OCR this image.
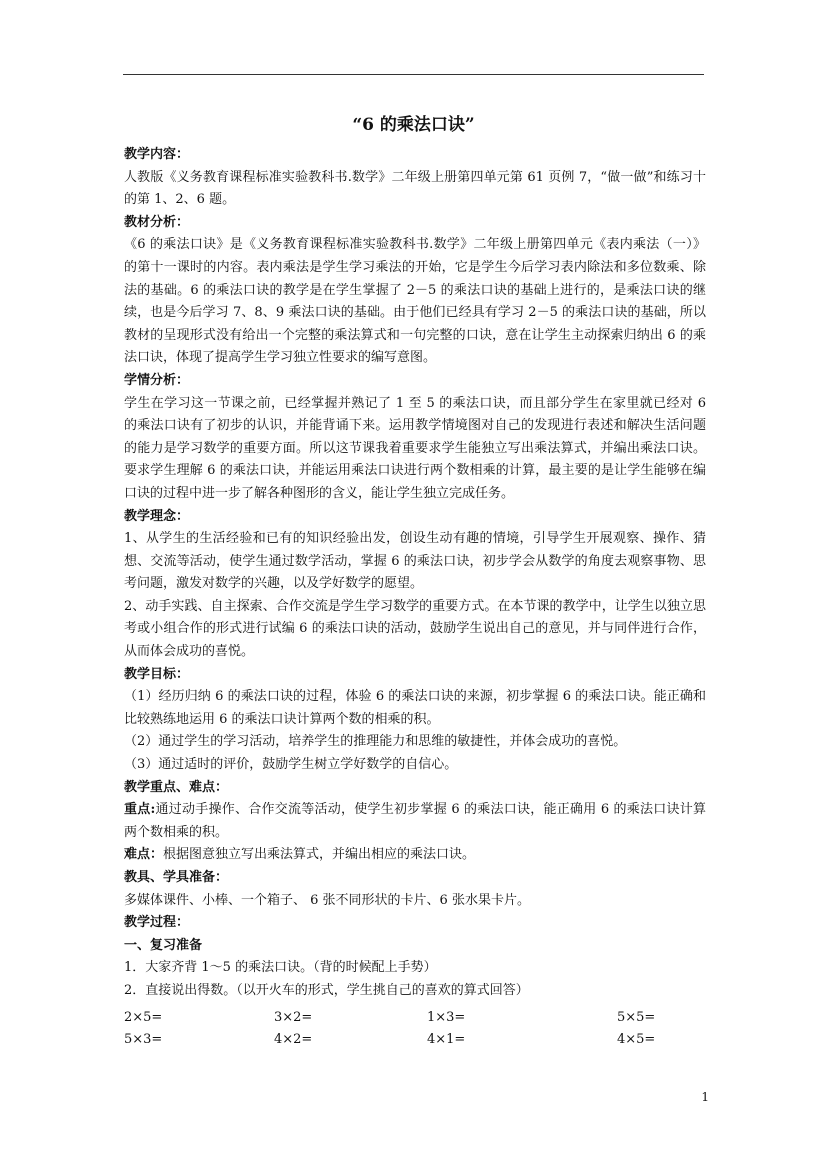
“6 的乘法口诀”

教学内容：

人教版《义务教育课程标准实验教科书.数学》二年级上册第四单元第 61 页例 7，“做一做”和练习十的第 1、2、6 题。

教材分析：

《6 的乘法口诀》是《义务教育课程标准实验教科书.数学》二年级上册第四单元《表内乘法（一）》的第十一课时的内容。表内乘法是学生学习乘法的开始，它是学生今后学习表内除法和多位数乘、除法的基础。6 的乘法口诀的教学是在学生掌握了 2－5 的乘法口诀的基础上进行的，是乘法口诀的继续，也是今后学习 7、8、9 乘法口诀的基础。由于他们已经具有学习 2－5 的乘法口诀的基础，所以教材的呈现形式没有给出一个完整的乘法算式和一句完整的口诀，意在让学生主动探索归纳出 6 的乘法口诀，体现了提高学生学习独立性要求的编写意图。

学情分析：

学生在学习这一节课之前，已经掌握并熟记了 1 至 5 的乘法口诀，而且部分学生在家里就已经对 6 的乘法口诀有了初步的认识，并能背诵下来。运用教学情境图对自己的发现进行表述和解决生活问题的能力是学习数学的重要方面。所以这节课我着重要求学生能独立写出乘法算式，并编出乘法口诀。要求学生理解 6 的乘法口诀，并能运用乘法口诀进行两个数相乘的计算，最主要的是让学生能够在编口诀的过程中进一步了解各种图形的含义，能让学生独立完成任务。

教学理念：

1、从学生的生活经验和已有的知识经验出发，创设生动有趣的情境，引导学生开展观察、操作、猜想、交流等活动，使学生通过数学活动，掌握 6 的乘法口诀，初步学会从数学的角度去观察事物、思考问题，激发对数学的兴趣，以及学好数学的愿望。

2、动手实践、自主探索、合作交流是学生学习数学的重要方式。在本节课的教学中，让学生以独立思考或小组合作的形式进行试编 6 的乘法口诀的活动，鼓励学生说出自己的意见，并与同伴进行合作，从而体会成功的喜悦。

教学目标：

（1）经历归纳 6 的乘法口诀的过程，体验 6 的乘法口诀的来源，初步掌握 6 的乘法口诀。能正确和比较熟练地运用 6 的乘法口诀计算两个数的相乘的积。

（2）通过学生的学习活动，培养学生的推理能力和思维的敏捷性，并体会成功的喜悦。

（3）通过适时的评价，鼓励学生树立学好数学的自信心。

教学重点、难点：

重点:通过动手操作、合作交流等活动，使学生初步掌握 6 的乘法口诀，能正确用 6 的乘法口诀计算两个数相乘的积。

难点：根据图意独立写出乘法算式，并编出相应的乘法口诀。

教具、学具准备：

多媒体课件、小棒、一个箱子、 6 张不同形状的卡片、6 张水果卡片。

教学过程：

一、复习准备

1．大家齐背 1～5 的乘法口诀。（背的时候配上手势）

2．直接说出得数。（以开火车的形式，学生挑自己的喜欢的算式回答）

2×5=	3×2=	1×3=	5×5=
5×3=	4×2=	4×1=	4×5=
1
